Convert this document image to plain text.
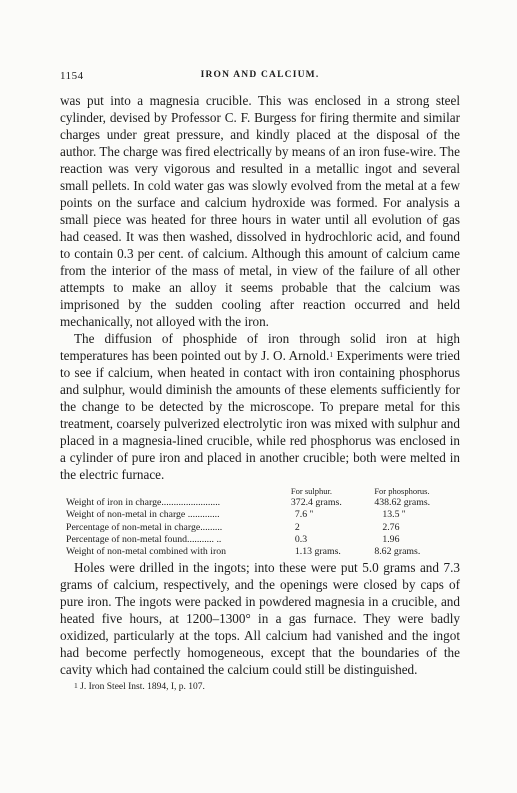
1154	IRON AND CALCIUM.

was put into a magnesia crucible. This was enclosed in a strong steel cylinder, devised by Professor C. F. Burgess for firing thermite and similar charges under great pressure, and kindly placed at the disposal of the author. The charge was fired electrically by means of an iron fuse-wire. The reaction was very vigorous and resulted in a metallic ingot and several small pellets. In cold water gas was slowly evolved from the metal at a few points on the surface and calcium hydroxide was formed. For analysis a small piece was heated for three hours in water until all evolution of gas had ceased. It was then washed, dissolved in hydrochloric acid, and found to contain 0.3 per cent. of calcium. Although this amount of calcium came from the interior of the mass of metal, in view of the failure of all other attempts to make an alloy it seems probable that the calcium was imprisoned by the sudden cooling after reaction occurred and held mechanically, not alloyed with the iron.

The diffusion of phosphide of iron through solid iron at high temperatures has been pointed out by J. O. Arnold.$^1$ Experiments were tried to see if calcium, when heated in contact with iron containing phosphorus and sulphur, would diminish the amounts of these elements sufficiently for the change to be detected by the microscope. To prepare metal for this treatment, coarsely pulverized electrolytic iron was mixed with sulphur and placed in a magnesia-lined crucible, while red phosphorus was enclosed in a cylinder of pure iron and placed in another crucible; both were melted in the electric furnace.

	For sulphur.	For phosphorus.
Weight of iron in charge........................	372.4 grams.	438.62 grams.
Weight of non-metal in charge .............	7.6 ''	13.5 ''
Percentage of non-metal in charge.........	2	2.76
Percentage of non-metal found........... ..	0.3	1.96
Weight of non-metal combined with iron	1.13 grams.	8.62 grams.

Holes were drilled in the ingots; into these were put 5.0 grams and 7.3 grams of calcium, respectively, and the openings were closed by caps of pure iron. The ingots were packed in powdered magnesia in a crucible, and heated five hours, at 1200–1300° in a gas furnace. They were badly oxidized, particularly at the tops. All calcium had vanished and the ingot had become perfectly homogeneous, except that the boundaries of the cavity which had contained the calcium could still be distinguished.

$^1$ J. Iron Steel Inst. 1894, I, p. 107.
